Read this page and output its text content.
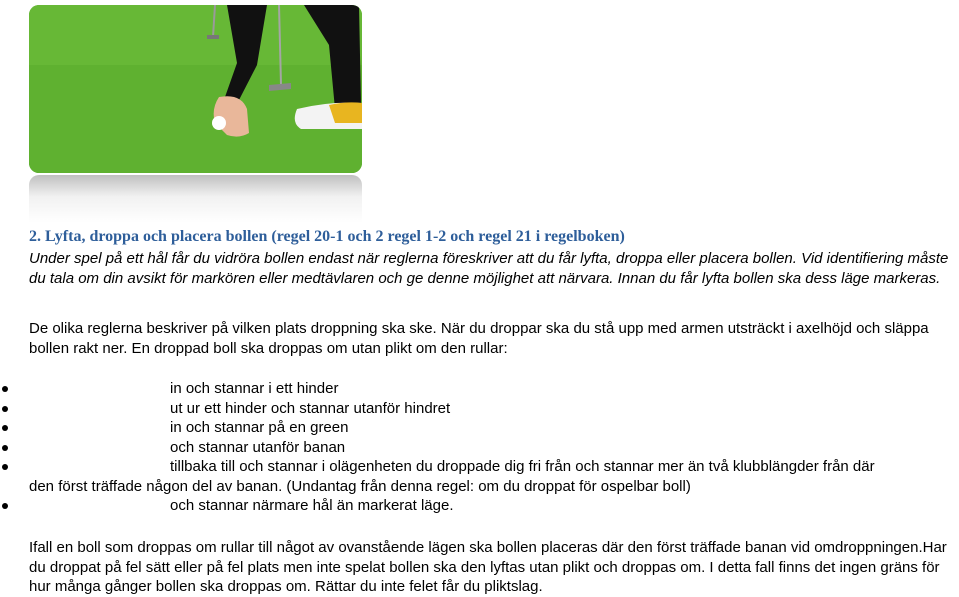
2. Lyfta, droppa och placera bollen (regel 20-1 och 2 regel 1-2 och regel 21 i regelboken)

Under spel på ett hål får du vidröra bollen endast när reglerna föreskriver att du får lyfta, droppa eller placera bollen. Vid identifiering måste du tala om din avsikt för markören eller medtävlaren och ge denne möjlighet att närvara. Innan du får lyfta bollen ska dess läge markeras.

De olika reglerna beskriver på vilken plats droppning ska ske. När du droppar ska du stå upp med armen utsträckt i axelhöjd och släppa bollen rakt ner. En droppad boll ska droppas om utan plikt om den rullar:

in och stannar i ett hinder
ut ur ett hinder och stannar utanför hindret
in och stannar på en green
och stannar utanför banan
tillbaka till och stannar i olägenheten du droppade dig fri från och stannar mer än två klubblängder från där
den först träffade någon del av banan. (Undantag från denna regel: om du droppat för ospelbar boll)
och stannar närmare hål än markerat läge.

Ifall en boll som droppas om rullar till något av ovanstående lägen ska bollen placeras där den först träffade banan vid omdroppningen.Har du droppat på fel sätt eller på fel plats men inte spelat bollen ska den lyftas utan plikt och droppas om. I detta fall finns det ingen gräns för hur många gånger bollen ska droppas om. Rättar du inte felet får du pliktslag.
